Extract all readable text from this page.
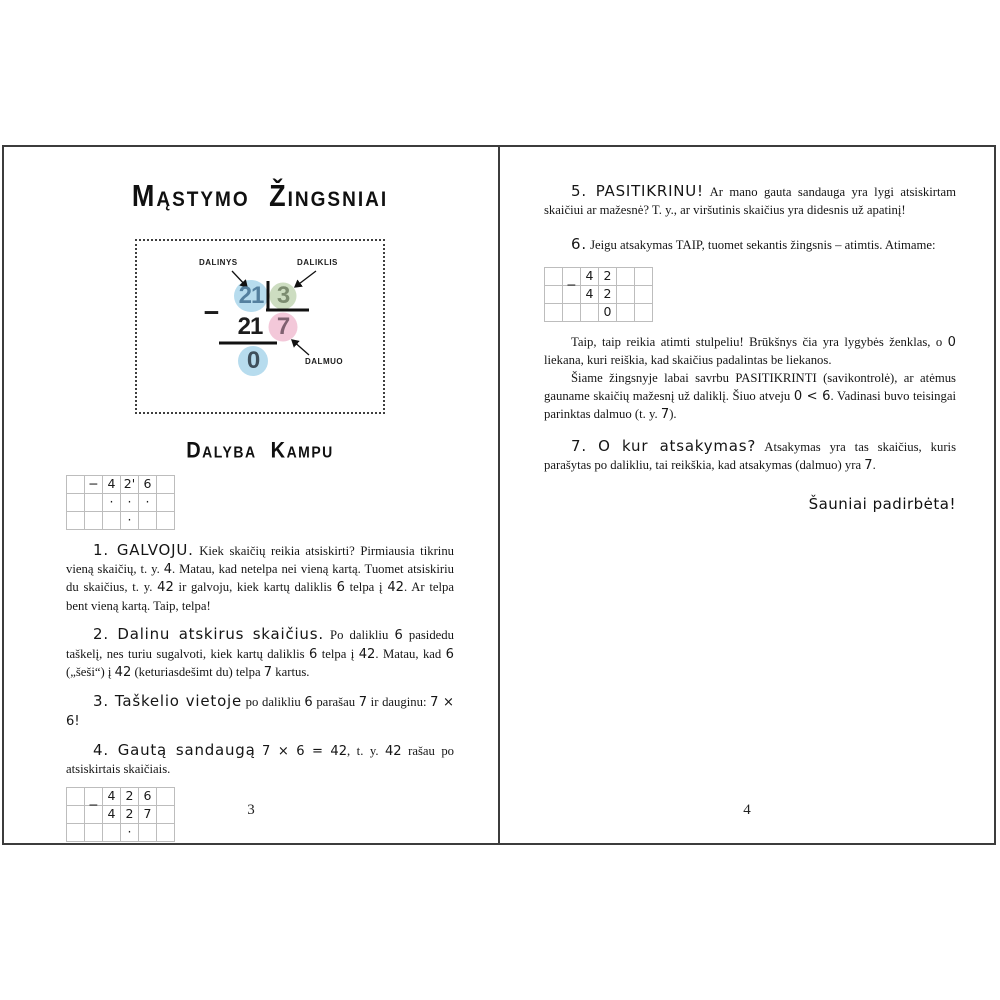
Mąstymo Žingsniai
DALINYS	DALIKLIS
DALMUO
−
21 3
21 7
0
Dalyba Kampu
	−	4	2'	6	
		·	·	·	
			·		

1. GALVOJU. Kiek skaičių reikia atsiskirti? Pirmiausia tikrinu vieną skaičių, t. y. 4. Matau, kad netelpa nei vieną kartą. Tuomet atsiskiriu du skaičius, t. y. 42 ir galvoju, kiek kartų daliklis 6 telpa į 42. Ar telpa bent vieną kartą. Taip, telpa!

2. Dalinu atskirus skaičius. Po dalikliu 6 pasidedu taškelį, nes turiu sugalvoti, kiek kartų daliklis 6 telpa į 42. Matau, kad 6 („šeši“) į 42 (keturiasdešimt du) telpa 7 kartus.

3. Taškelio vietoje po dalikliu 6 parašau 7 ir dauginu: 7 × 6!

4. Gautą sandaugą 7 × 6 = 42, t. y. 42 rašau po atsiskirtais skaičiais.

	−	4	2	6	
		4	2	7	
			·		
3

5. PASITIKRINU! Ar mano gauta sandauga yra lygi atsiskirtam skaičiui ar mažesnė? T. y., ar viršutinis skaičius yra didesnis už apatinį!

6. Jeigu atsakymas TAIP, tuomet sekantis žingsnis – atimtis. Atimame:

	−	4	2		
		4	2		
			0		

Taip, taip reikia atimti stulpeliu! Brūkšnys čia yra lygybės ženklas, o 0 liekana, kuri reiškia, kad skaičius padalintas be liekanos.

Šiame žingsnyje labai savrbu PASITIKRINTI (savikontrolė), ar atėmus gauname skaičių mažesnį už daliklį. Šiuo atveju 0 < 6. Vadinasi buvo teisingai parinktas dalmuo (t. y. 7).

7. O kur atsakymas? Atsakymas yra tas skaičius, kuris parašytas po dalikliu, tai reikškia, kad atsakymas (dalmuo) yra 7.

Šauniai padirbėta!
4
